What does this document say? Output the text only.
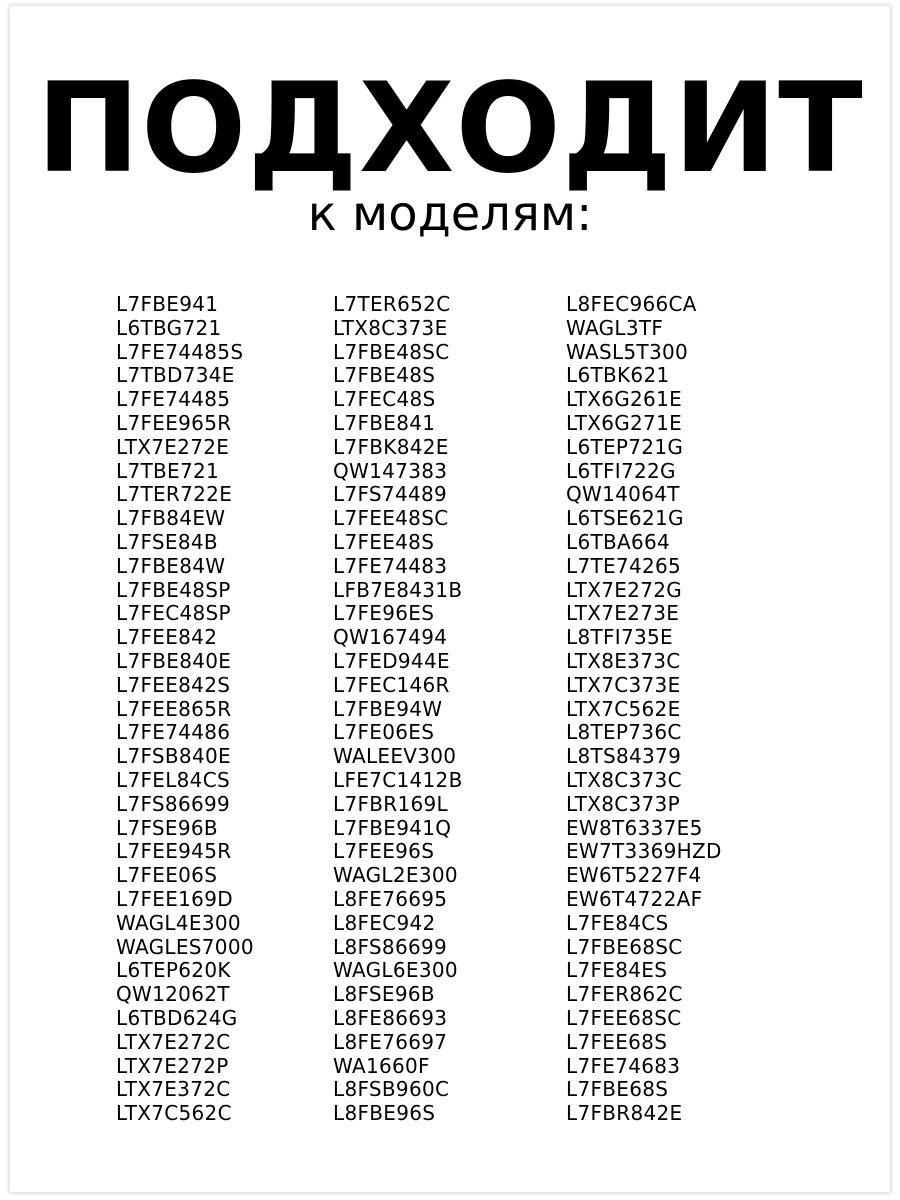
ПОДХОДИТ
к моделям:
L7FBE941
L6TBG721
L7FE74485S
L7TBD734E
L7FE74485
L7FEE965R
LTX7E272E
L7TBE721
L7TER722E
L7FB84EW
L7FSE84B
L7FBE84W
L7FBE48SP
L7FEC48SP
L7FEE842
L7FBE840E
L7FEE842S
L7FEE865R
L7FE74486
L7FSB840E
L7FEL84CS
L7FS86699
L7FSE96B
L7FEE945R
L7FEE06S
L7FEE169D
WAGL4E300
WAGLES7000
L6TEP620K
QW12062T
L6TBD624G
LTX7E272C
LTX7E272P
LTX7E372C
LTX7C562C
L7TER652C
LTX8C373E
L7FBE48SC
L7FBE48S
L7FEC48S
L7FBE841
L7FBK842E
QW147383
L7FS74489
L7FEE48SC
L7FEE48S
L7FE74483
LFB7E8431B
L7FE96ES
QW167494
L7FED944E
L7FEC146R
L7FBE94W
L7FE06ES
WALEEV300
LFE7C1412B
L7FBR169L
L7FBE941Q
L7FEE96S
WAGL2E300
L8FE76695
L8FEC942
L8FS86699
WAGL6E300
L8FSE96B
L8FE86693
L8FE76697
WA1660F
L8FSB960C
L8FBE96S
L8FEC966CA
WAGL3TF
WASL5T300
L6TBK621
LTX6G261E
LTX6G271E
L6TEP721G
L6TFI722G
QW14064T
L6TSE621G
L6TBA664
L7TE74265
LTX7E272G
LTX7E273E
L8TFI735E
LTX8E373C
LTX7C373E
LTX7C562E
L8TEP736C
L8TS84379
LTX8C373C
LTX8C373P
EW8T6337E5
EW7T3369HZD
EW6T5227F4
EW6T4722AF
L7FE84CS
L7FBE68SC
L7FE84ES
L7FER862C
L7FEE68SC
L7FEE68S
L7FE74683
L7FBE68S
L7FBR842E
